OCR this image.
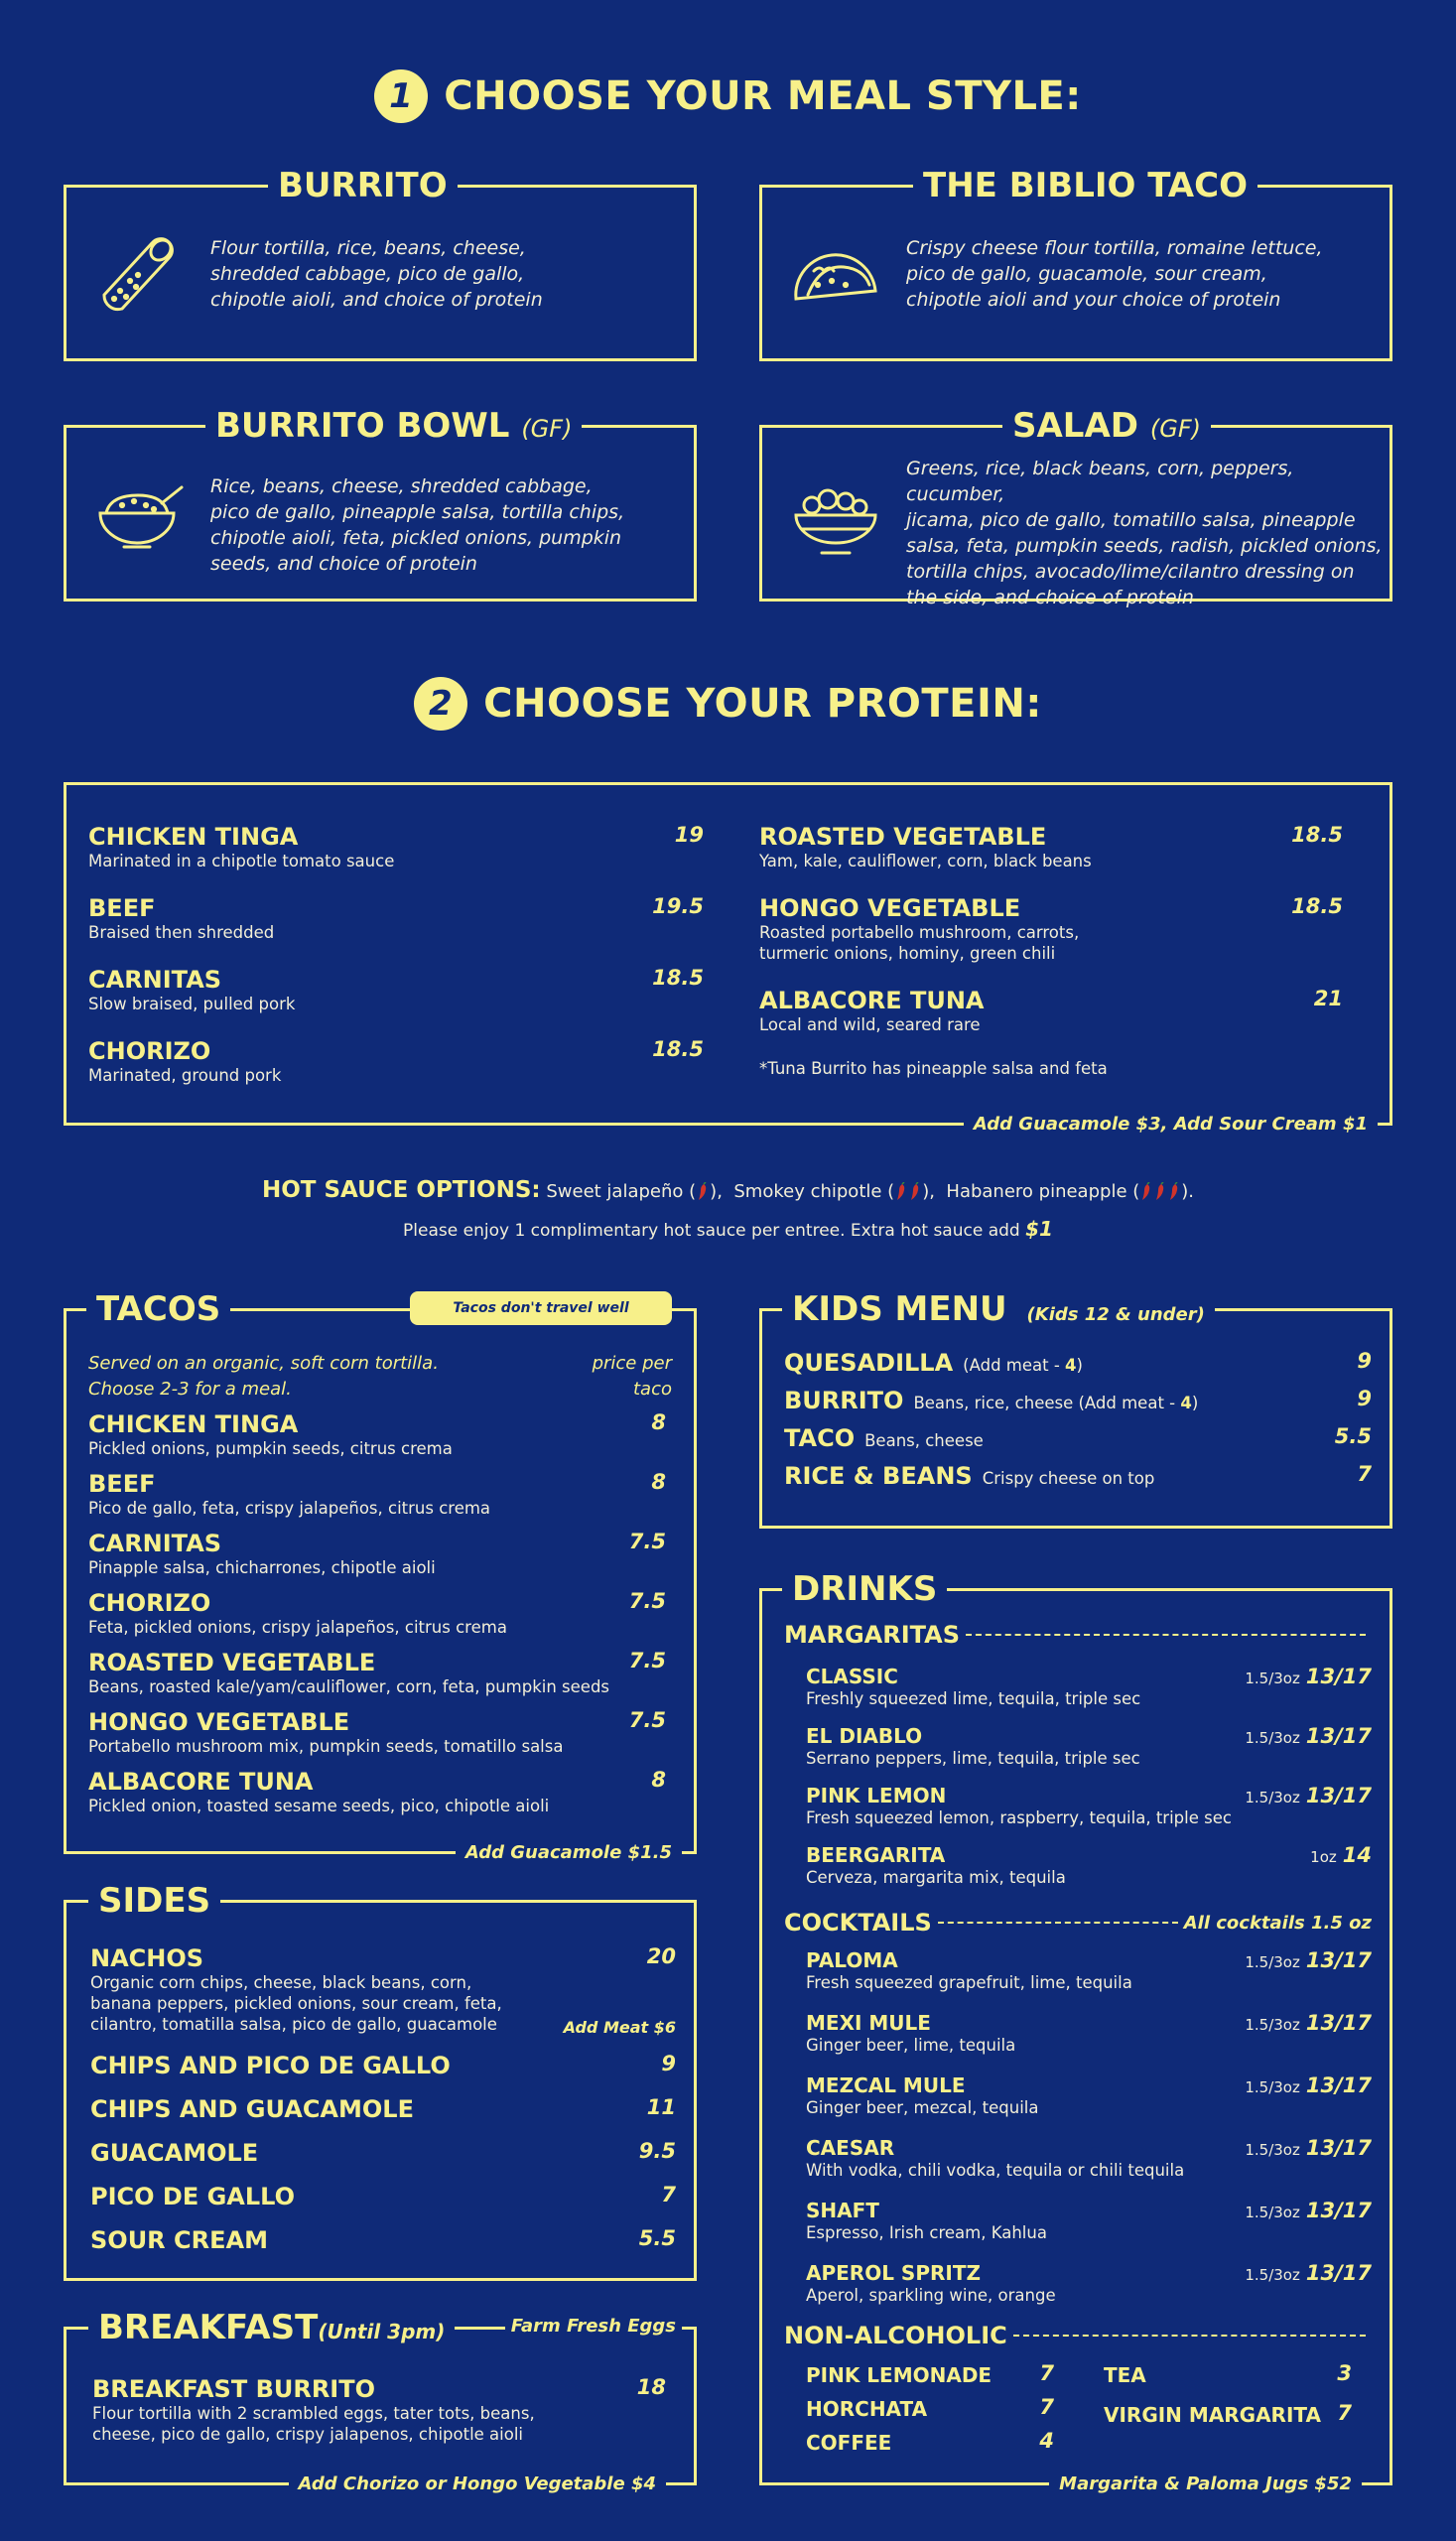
1 CHOOSE YOUR MEAL STYLE:
BURRITO
Flour tortilla, rice, beans, cheese,
shredded cabbage, pico de gallo,
chipotle aioli, and choice of protein
THE BIBLIO TACO
Crispy cheese flour tortilla, romaine lettuce,
pico de gallo, guacamole, sour cream,
chipotle aioli and your choice of protein
BURRITO BOWL (GF)
Rice, beans, cheese, shredded cabbage,
pico de gallo, pineapple salsa, tortilla chips,
chipotle aioli, feta, pickled onions, pumpkin
seeds, and choice of protein
SALAD (GF)
Greens, rice, black beans, corn, peppers, cucumber,
jicama, pico de gallo, tomatillo salsa, pineapple
salsa, feta, pumpkin seeds, radish, pickled onions,
tortilla chips, avocado/lime/cilantro dressing on
the side, and choice of protein
2 CHOOSE YOUR PROTEIN:
CHICKEN TINGA
Marinated in a chipotle tomato sauce
19
BEEF
Braised then shredded
19.5
CARNITAS
Slow braised, pulled pork
18.5
CHORIZO
Marinated, ground pork
18.5
ROASTED VEGETABLE
Yam, kale, cauliflower, corn, black beans
18.5
HONGO VEGETABLE
Roasted portabello mushroom, carrots,
turmeric onions, hominy, green chili
18.5
ALBACORE TUNA
Local and wild, seared rare
21
*Tuna Burrito has pineapple salsa and feta
Add Guacamole $3, Add Sour Cream $1
HOT SAUCE OPTIONS: Sweet jalapeño ( ), Smokey chipotle ( ), Habanero pineapple ( ).
Please enjoy 1 complimentary hot sauce per entree. Extra hot sauce add $1
TACOS	Tacos don't travel well
Served on an organic, soft corn tortilla.
Choose 2-3 for a meal.
price per
taco
CHICKEN TINGA
Pickled onions, pumpkin seeds, citrus crema
8
BEEF
Pico de gallo, feta, crispy jalapeños, citrus crema
8
CARNITAS
Pinapple salsa, chicharrones, chipotle aioli
7.5
CHORIZO
Feta, pickled onions, crispy jalapeños, citrus crema
7.5
ROASTED VEGETABLE
Beans, roasted kale/yam/cauliflower, corn, feta, pumpkin seeds
7.5
HONGO VEGETABLE
Portabello mushroom mix, pumpkin seeds, tomatillo salsa
7.5
ALBACORE TUNA
Pickled onion, toasted sesame seeds, pico, chipotle aioli
8
Add Guacamole $1.5
SIDES
NACHOS
Organic corn chips, cheese, black beans, corn,
banana peppers, pickled onions, sour cream, feta,
cilantro, tomatilla salsa, pico de gallo, guacamole
20
Add Meat $6
CHIPS AND PICO DE GALLO	9
CHIPS AND GUACAMOLE	11
GUACAMOLE	9.5
PICO DE GALLO	7
SOUR CREAM	5.5
BREAKFAST(Until 3pm)	Farm Fresh Eggs
BREAKFAST BURRITO
Flour tortilla with 2 scrambled eggs, tater tots, beans,
cheese, pico de gallo, crispy jalapenos, chipotle aioli
18
Add Chorizo or Hongo Vegetable $4
KIDS MENU (Kids 12 & under)
QUESADILLA (Add meat - 4)	9
BURRITO Beans, rice, cheese (Add meat - 4)	9
TACO Beans, cheese	5.5
RICE & BEANS Crispy cheese on top	7
DRINKS
MARGARITAS
CLASSIC
Freshly squeezed lime, tequila, triple sec
1.5/3oz 13/17
EL DIABLO
Serrano peppers, lime, tequila, triple sec
1.5/3oz 13/17
PINK LEMON
Fresh squeezed lemon, raspberry, tequila, triple sec
1.5/3oz 13/17
BEERGARITA
Cerveza, margarita mix, tequila
1oz 14
COCKTAILS	All cocktails 1.5 oz
PALOMA
Fresh squeezed grapefruit, lime, tequila
1.5/3oz 13/17
MEXI MULE
Ginger beer, lime, tequila
1.5/3oz 13/17
MEZCAL MULE
Ginger beer, mezcal, tequila
1.5/3oz 13/17
CAESAR
With vodka, chili vodka, tequila or chili tequila
1.5/3oz 13/17
SHAFT
Espresso, Irish cream, Kahlua
1.5/3oz 13/17
APEROL SPRITZ
Aperol, sparkling wine, orange
1.5/3oz 13/17
NON-ALCOHOLIC
PINK LEMONADE	7
HORCHATA	7
COFFEE	4
TEA	3
VIRGIN MARGARITA 7
Margarita & Paloma Jugs $52
